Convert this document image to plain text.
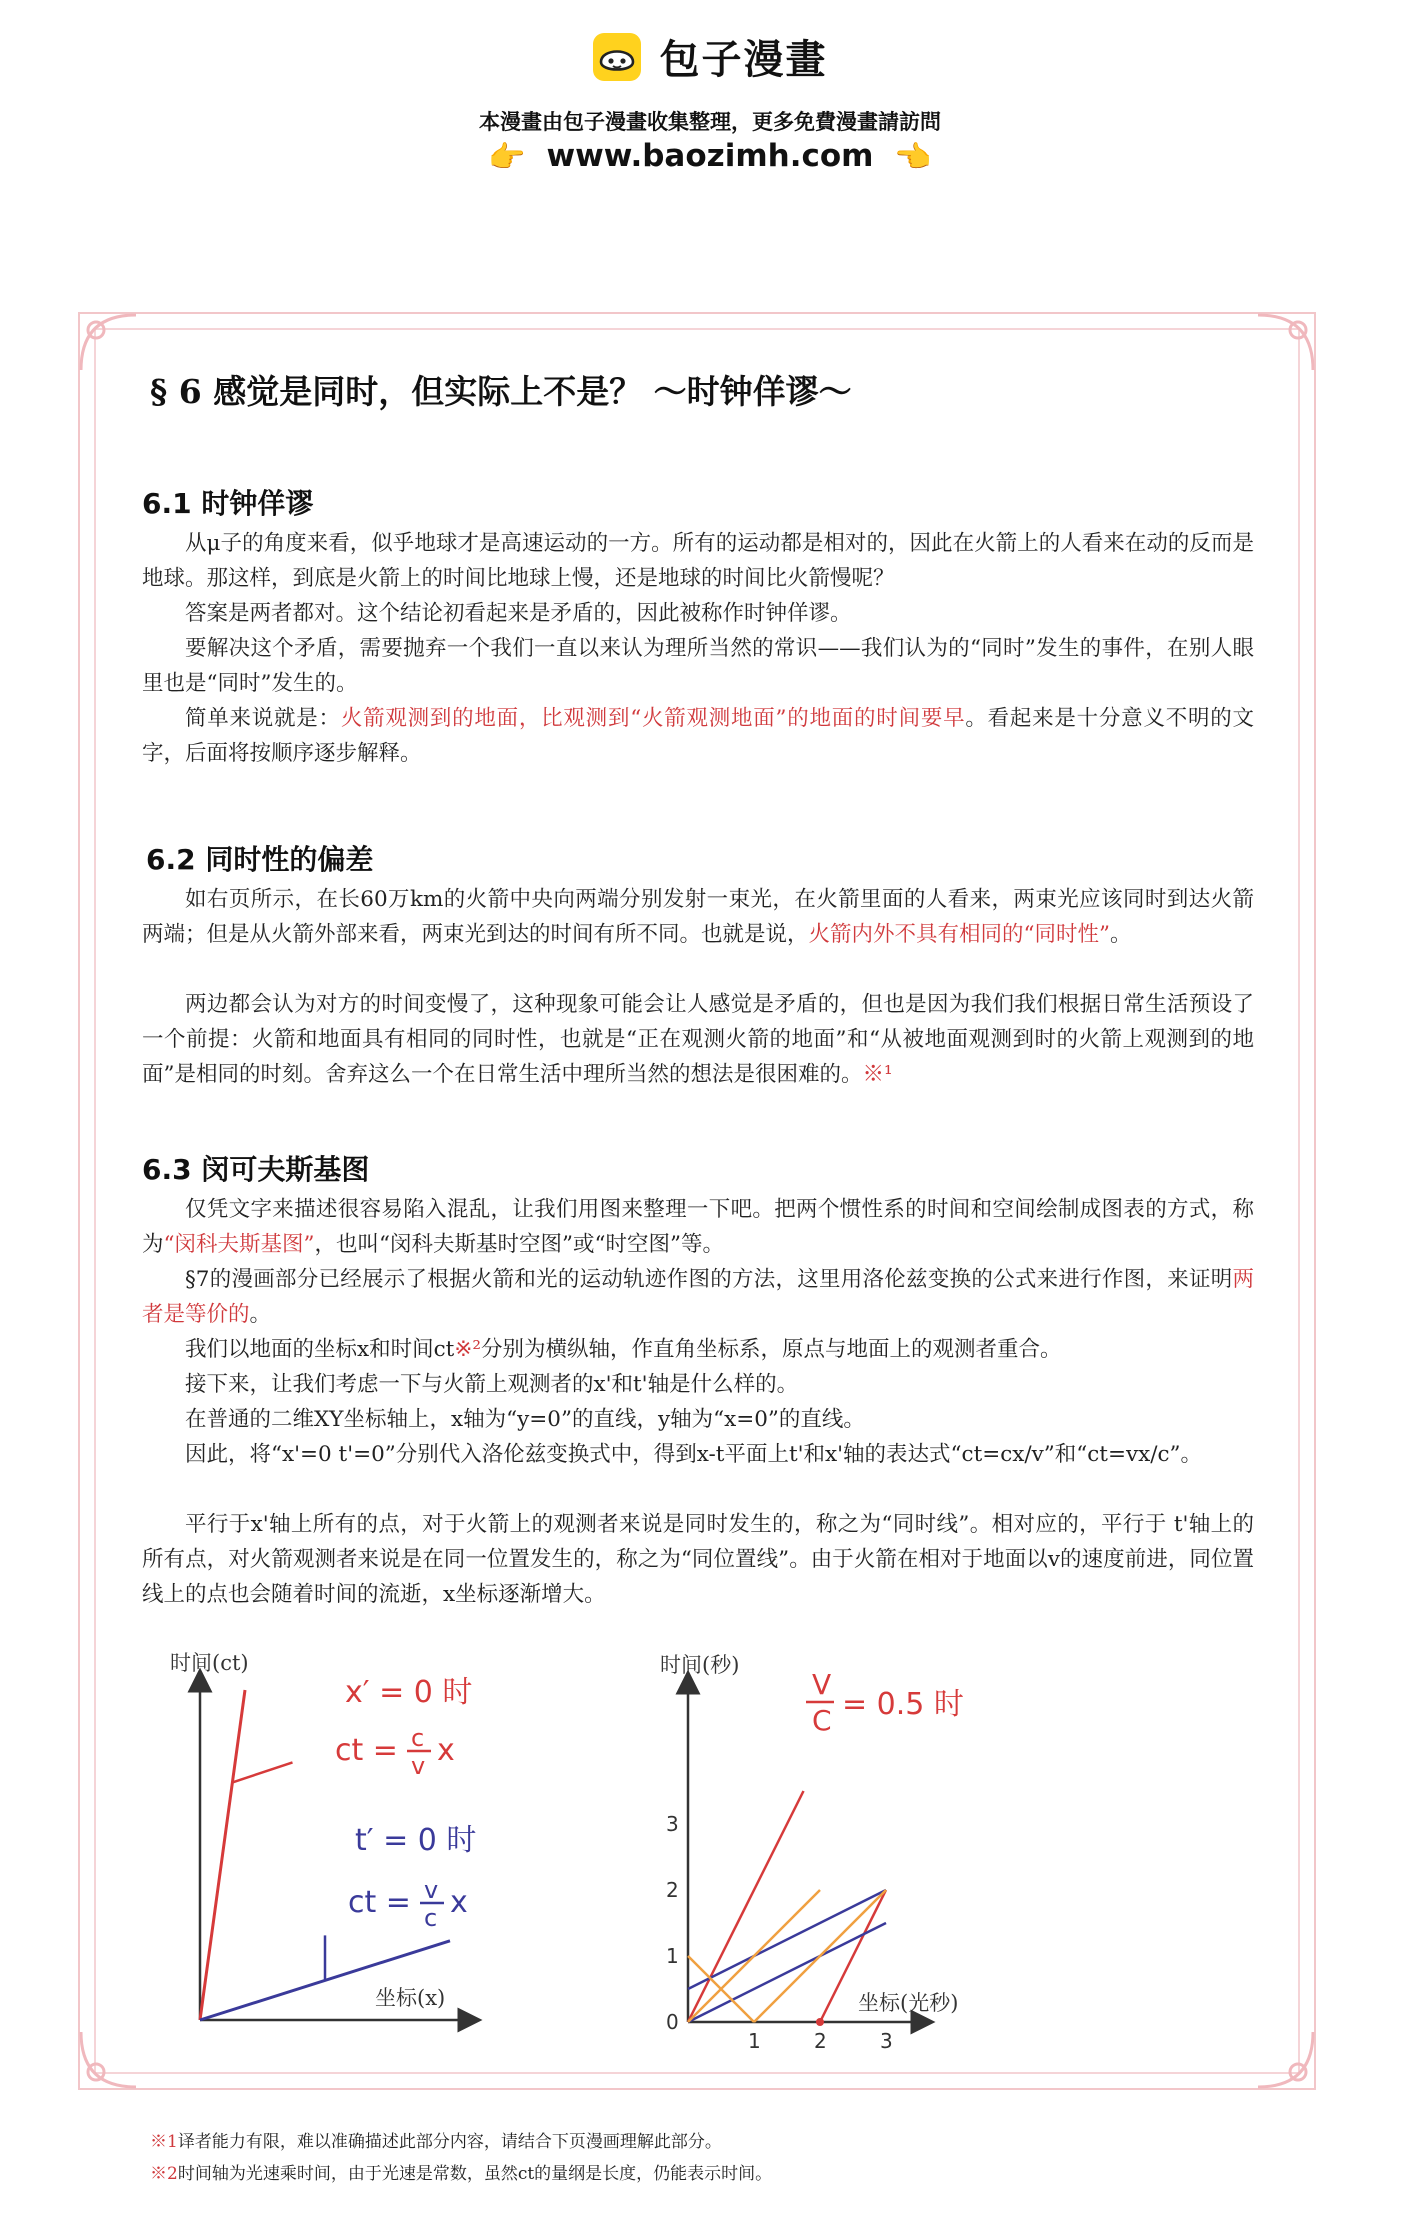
包子漫畫
本漫畫由包子漫畫收集整理，更多免費漫畫請訪問
👉 www.baozimh.com 👈
§ 6 感觉是同时，但实际上不是？ ～时钟佯谬～
6.1 时钟佯谬
从μ子的角度来看，似乎地球才是高速运动的一方。所有的运动都是相对的，因此在火箭上的人看来在动的反而是地球。那这样，到底是火箭上的时间比地球上慢，还是地球的时间比火箭慢呢？
答案是两者都对。这个结论初看起来是矛盾的，因此被称作时钟佯谬。
要解决这个矛盾，需要抛弃一个我们一直以来认为理所当然的常识——我们认为的“同时”发生的事件，在别人眼里也是“同时”发生的。
简单来说就是：火箭观测到的地面，比观测到“火箭观测地面”的地面的时间要早。看起来是十分意义不明的文字，后面将按顺序逐步解释。
6.2 同时性的偏差
如右页所示，在长60万km的火箭中央向两端分别发射一束光，在火箭里面的人看来，两束光应该同时到达火箭两端；但是从火箭外部来看，两束光到达的时间有所不同。也就是说，火箭内外不具有相同的“同时性”。
两边都会认为对方的时间变慢了，这种现象可能会让人感觉是矛盾的，但也是因为我们我们根据日常生活预设了一个前提：火箭和地面具有相同的同时性，也就是“正在观测火箭的地面”和“从被地面观测到时的火箭上观测到的地面”是相同的时刻。舍弃这么一个在日常生活中理所当然的想法是很困难的。※¹
6.3 闵可夫斯基图
仅凭文字来描述很容易陷入混乱，让我们用图来整理一下吧。把两个惯性系的时间和空间绘制成图表的方式，称为“闵科夫斯基图”，也叫“闵科夫斯基时空图”或“时空图”等。
§7的漫画部分已经展示了根据火箭和光的运动轨迹作图的方法，这里用洛伦兹变换的公式来进行作图，来证明两者是等价的。
我们以地面的坐标x和时间ct※²分别为横纵轴，作直角坐标系，原点与地面上的观测者重合。
接下来，让我们考虑一下与火箭上观测者的x'和t'轴是什么样的。
在普通的二维XY坐标轴上，x轴为“y=0”的直线，y轴为“x=0”的直线。
因此，将“x'=0 t'=0”分别代入洛伦兹变换式中，得到x-t平面上t'和x'轴的表达式“ct=cx/v”和“ct=vx/c”。
平行于x'轴上所有的点，对于火箭上的观测者来说是同时发生的，称之为“同时线”。相对应的，平行于 t'轴上的所有点，对火箭观测者来说是在同一位置发生的，称之为“同位置线”。由于火箭在相对于地面以v的速度前进，同位置线上的点也会随着时间的流逝，x坐标逐渐增大。
时间(ct)
坐标(x)
x′ = 0 时
ct = c
v x
t′ = 0 时
ct = v
c x
时间(秒)
坐标(光秒)
0
1
2
3
1	2	3
V
C = 0.5 时
※1译者能力有限，难以准确描述此部分内容，请结合下页漫画理解此部分。
※2时间轴为光速乘时间，由于光速是常数，虽然ct的量纲是长度，仍能表示时间。
